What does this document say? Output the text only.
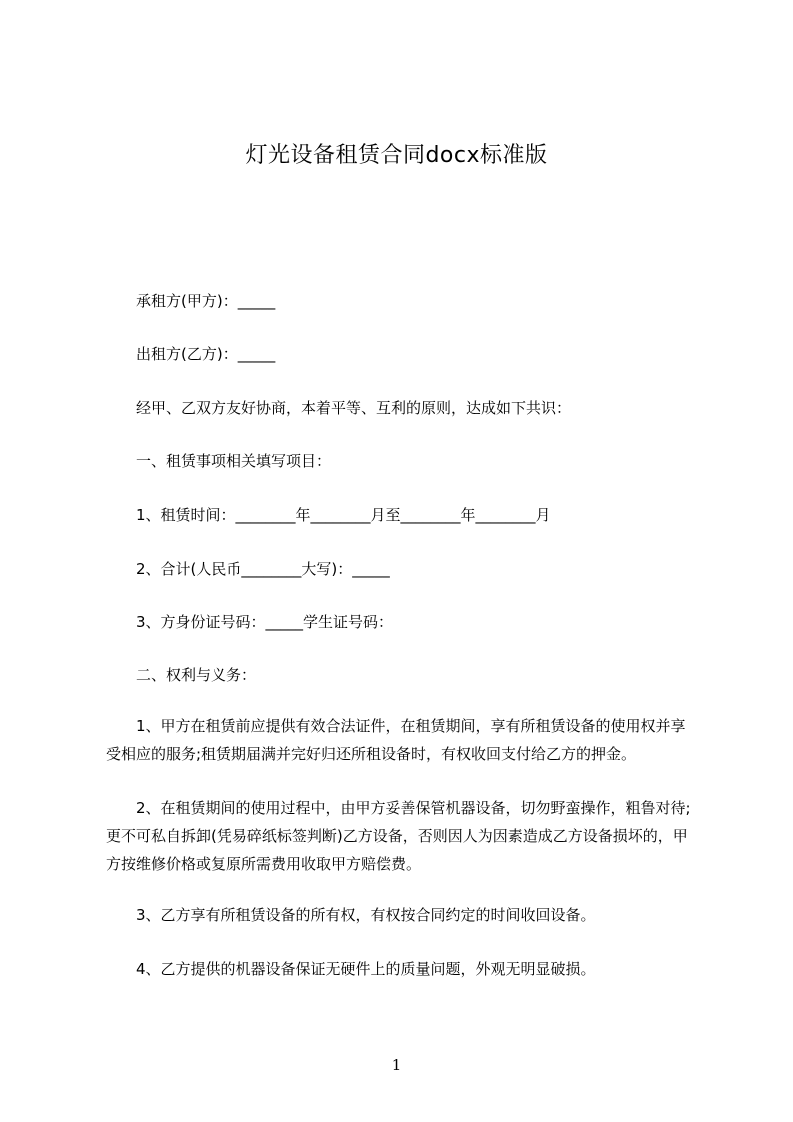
灯光设备租赁合同docx标准版
承租方(甲方)：_____
出租方(乙方)：_____
经甲、乙双方友好协商，本着平等、互利的原则，达成如下共识：
一、租赁事项相关填写项目：
1、租赁时间：________年________月至________年________月
2、合计(人民币________大写)：_____
3、方身份证号码：_____学生证号码：
二、权利与义务：
1、甲方在租赁前应提供有效合法证件，在租赁期间，享有所租赁设备的使用权并享受相应的服务;租赁期届满并完好归还所租设备时，有权收回支付给乙方的押金。
2、在租赁期间的使用过程中，由甲方妥善保管机器设备，切勿野蛮操作，粗鲁对待;更不可私自拆卸(凭易碎纸标签判断)乙方设备，否则因人为因素造成乙方设备损坏的，甲方按维修价格或复原所需费用收取甲方赔偿费。
3、乙方享有所租赁设备的所有权，有权按合同约定的时间收回设备。
4、乙方提供的机器设备保证无硬件上的质量问题，外观无明显破损。
1
